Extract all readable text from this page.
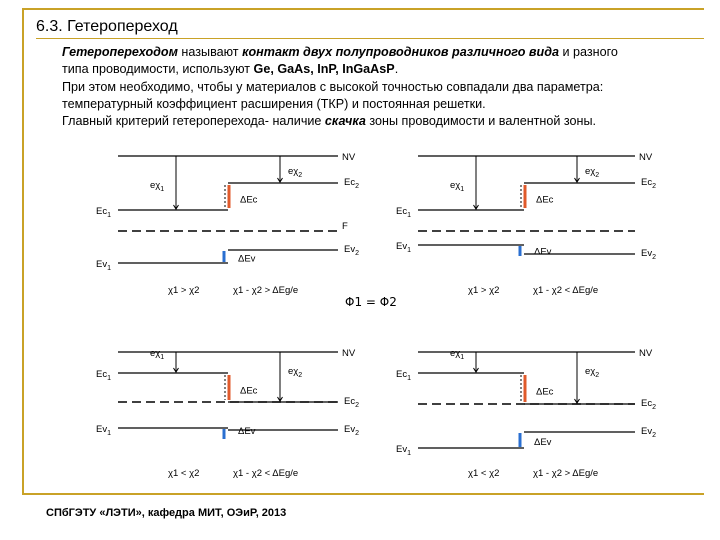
6.3. Гетеропереход

Гетеропереходом называют контакт двух полупроводников различного вида и разного

типа проводимости, используют Ge, GaAs, InP, InGaAsP.

При этом необходимо, чтобы у материалов с высокой точностью совпадали два параметра:

температурный коэффициент расширения (ТКР) и постоянная решетки.

Главный критерий гетероперехода- наличие скачка зоны проводимости и валентной зоны.

NV
$e\chi_1$
$e\chi_2$
$Ec_1$
$Ec_2$
ΔEc
F
$Ev_1$
$Ev_2$
ΔEv
χ1 > χ2	χ1 - χ2 > ΔEg/e
NV
$e\chi_1$
$e\chi_2$
$Ec_1$
$Ec_2$
ΔEc
$Ev_1$	$Ev_2$
ΔEv
χ1 > χ2	χ1 - χ2 < ΔEg/e
NV
$e\chi_1$
$e\chi_2$
$Ec_1$
$Ec_2$
ΔEc
$Ev_1$	$Ev_2$
ΔEv
χ1 < χ2	χ1 - χ2 < ΔEg/e
NV
$e\chi_1$
$e\chi_2$
$Ec_1$
$Ec_2$
ΔEc
$Ev_1$
$Ev_2$
ΔEv
χ1 < χ2	χ1 - χ2 > ΔEg/e
Φ1 = Φ2
СПбГЭТУ «ЛЭТИ», кафедра МИТ, ОЭиР, 2013
